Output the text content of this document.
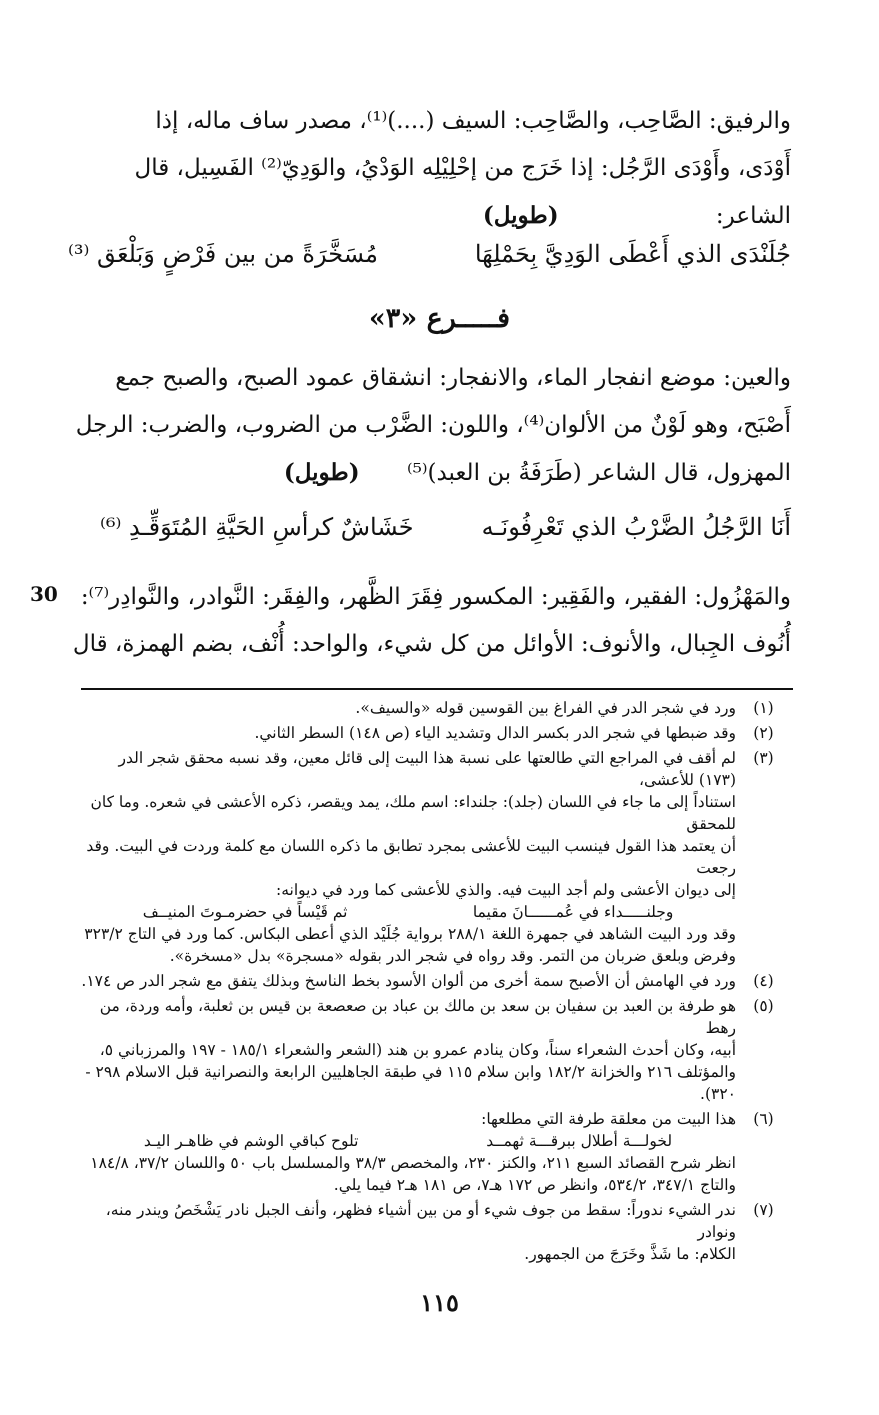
والرفيق: الصَّاحِب، والصَّاحِب: السيف (....)⁽¹⁾، مصدر ساف ماله، إذا
أَوْدَى، وأَوْدَى الرَّجُل: إذا خَرَج من إحْلِيْلِه الوَدْيُ، والوَدِيّ⁽²⁾ الفَسِيل، قال
الشاعر: (طويل)
جُلَنْدَى الذي أَعْطَى الوَدِيَّ بِحَمْلِهَا
مُسَخَّرَةً من بين فَرْضٍ وَبَلْعَق ⁽³⁾
فـــــرع «٣»
والعين: موضع انفجار الماء، والانفجار: انشقاق عمود الصبح، والصبح جمع
أَصْبَح، وهو لَوْنٌ من الألوان⁽⁴⁾، واللون: الضَّرْب من الضروب، والضرب: الرجل
المهزول، قال الشاعر (طَرَفَةُ بن العبد)⁽⁵⁾ (طويل)
أَنَا الرَّجُلُ الضَّرْبُ الذي تَعْرِفُونَـه
خَشَاشٌ كرأسِ الحَيَّةِ المُتَوَقِّـدِ ⁽⁶⁾
والمَهْزُول: الفقير، والفَقِير: المكسور فِقَرَ الظَّهر، والفِقَر: النَّوادر، والنَّوادِر⁽⁷⁾:
أُنُوف الجِبال، والأنوف: الأوائل من كل شيء، والواحد: أُنْف، بضم الهمزة، قال
30
(١)
ورد في شجر الدر في الفراغ بين القوسين قوله «والسيف».
(٢)
وقد ضبطها في شجر الدر بكسر الدال وتشديد الياء (ص ١٤٨) السطر الثاني.
(٣)
لم أقف في المراجع التي طالعتها على نسبة هذا البيت إلى قائل معين، وقد نسبه محقق شجر الدر (١٧٣) للأعشى،
استناداً إلى ما جاء في اللسان (جلد): جلنداء: اسم ملك، يمد ويقصر، ذكره الأعشى في شعره. وما كان للمحقق
أن يعتمد هذا القول فينسب البيت للأعشى بمجرد تطابق ما ذكره اللسان مع كلمة وردت في البيت. وقد رجعت
إلى ديوان الأعشى ولم أجد البيت فيه. والذي للأعشى كما ورد في ديوانه:
وجلنـــــداء في عُمــــــانَ مقيما
ثم قَيْساً في حضرمـوتَ المنيــف
وقد ورد البيت الشاهد في جمهرة اللغة ٢٨٨/١ برواية جُلَيْد الذي أعطى البكاس. كما ورد في التاج ٣٢٣/٢
وفرض وبلعق ضربان من التمر. وقد رواه في شجر الدر بقوله «مسجرة» بدل «مسخرة».
(٤)
ورد في الهامش أن الأصبح سمة أخرى من ألوان الأسود بخط الناسخ وبذلك يتفق مع شجر الدر ص ١٧٤.
(٥)
هو طرفة بن العبد بن سفيان بن سعد بن مالك بن عباد بن صعصعة بن قيس بن ثعلبة، وأمه وردة، من رهط
أبيه، وكان أحدث الشعراء سناً، وكان ينادم عمرو بن هند (الشعر والشعراء ١٨٥/١ - ١٩٧ والمرزباني ٥،
والمؤتلف ٢١٦ والخزانة ١٨٢/٢ وابن سلام ١١٥ في طبقة الجاهليين الرابعة والنصرانية قبل الاسلام ٢٩٨ -
٣٢٠).
(٦)
هذا البيت من معلقة طرفة التي مطلعها:
لخولـــة أطلال ببرقـــة ثهمــد
تلوح كباقي الوشم في ظاهـر اليـد
انظر شرح القصائد السبع ٢١١، والكنز ٢٣٠، والمخصص ٣٨/٣ والمسلسل باب ٥٠ واللسان ٣٧/٢، ١٨٤/٨
والتاج ٣٤٧/١، ٥٣٤/٢، وانظر ص ١٧٢ هـ٧، ص ١٨١ هـ٢ فيما يلي.
(٧)
ندر الشيء ندوراً: سقط من جوف شيء أو من بين أشياء فظهر، وأنف الجبل نادر يَشْخَصُ ويندر منه، ونوادر
الكلام: ما شَذَّ وخَرَجَ من الجمهور.
١١٥
